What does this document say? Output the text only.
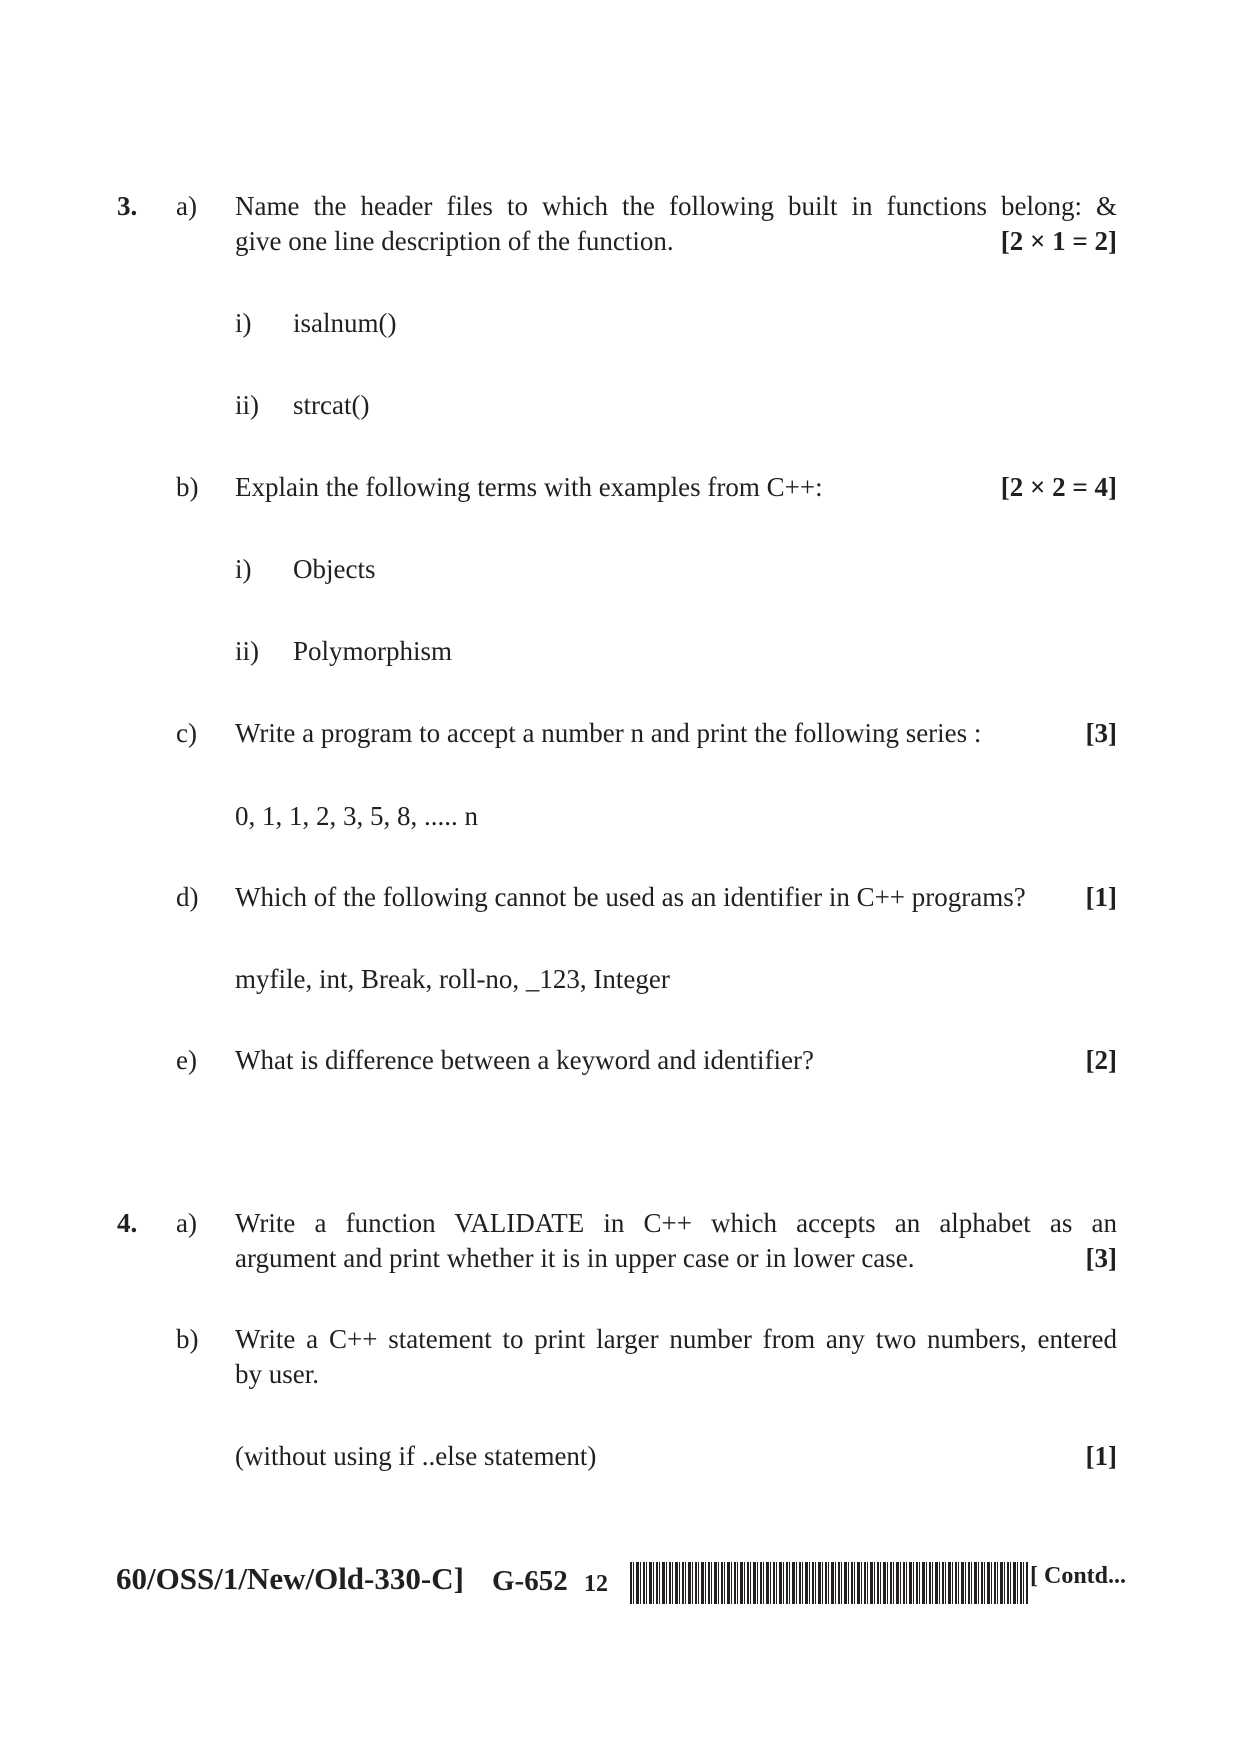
3. a) Name the header files to which the following built in functions belong: &
give one line description of the function.	[2 × 1 = 2]
i) isalnum()
ii) strcat()
b) Explain the following terms with examples from C++:	[2 × 2 = 4]
i) Objects
ii) Polymorphism
c) Write a program to accept a number n and print the following series :	[3]
0, 1, 1, 2, 3, 5, 8, ..... n
d) Which of the following cannot be used as an identifier in C++ programs?	[1]
myfile, int, Break, roll-no, _123, Integer
e) What is difference between a keyword and identifier?	[2]
4. a) Write a function VALIDATE in C++ which accepts an alphabet as an
argument and print whether it is in upper case or in lower case.	[3]
b) Write a C++ statement to print larger number from any two numbers, entered
by user.
(without using if ..else statement)	[1]
60/OSS/1/New/Old-330-C] G-652 12	[ Contd...
